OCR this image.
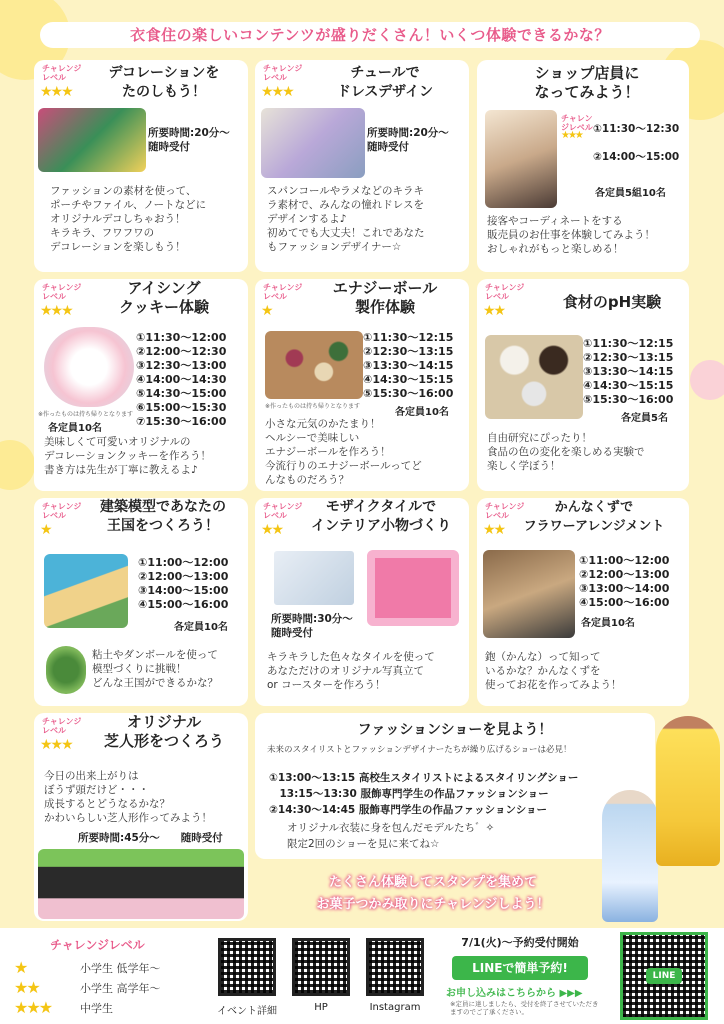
衣食住の楽しいコンテンツが盛りだくさん！いくつ体験できるかな？
チャレンジレベル
★★★
デコレーションを
たのしもう！
所要時間:20分～
随時受付
ファッションの素材を使って、
ポーチやファイル、ノートなどに
オリジナルデコしちゃおう！
キラキラ、フワフワの
デコレーションを楽しもう！
チャレンジレベル
★★★
チュールで
ドレスデザイン
所要時間:20分～
随時受付
スパンコールやラメなどのキラキ
ラ素材で、みんなの憧れドレスを
デザインするよ♪
初めてでも大丈夫！これであなた
もファッションデザイナー☆
ショップ店員に
なってみよう！
チャレンジレベル
★★★
①11:30～12:30

②14:00～15:00
各定員5組10名
接客やコーディネートをする
販売員のお仕事を体験してみよう！
おしゃれがもっと楽しめる！
チャレンジレベル
★★★
アイシング
クッキー体験
※作ったものは持ち帰りとなります
①11:30～12:00
②12:00～12:30
③12:30～13:00
④14:00～14:30
⑤14:30～15:00
⑥15:00～15:30
⑦15:30～16:00
各定員10名
美味しくて可愛いオリジナルの
デコレーションクッキーを作ろう！
書き方は先生が丁寧に教えるよ♪
チャレンジレベル
★
エナジーボール
製作体験
※作ったものは持ち帰りとなります
①11:30～12:15
②12:30～13:15
③13:30～14:15
④14:30～15:15
⑤15:30～16:00
各定員10名
小さな元気のかたまり！
ヘルシーで美味しい
エナジーボールを作ろう！
今流行りのエナジーボールってど
んなものだろう？
チャレンジレベル
★★	食材のpH実験
①11:30～12:15
②12:30～13:15
③13:30～14:15
④14:30～15:15
⑤15:30～16:00
各定員5名
自由研究にぴったり！
食品の色の変化を楽しめる実験で
楽しく学ぼう！
チャレンジレベル
★
建築模型であなたの
王国をつくろう！
①11:00～12:00
②12:00～13:00
③14:00～15:00
④15:00～16:00
各定員10名
粘土やダンボールを使って
模型づくりに挑戦！
どんな王国ができるかな？
チャレンジレベル
★★
モザイクタイルで
インテリア小物づくり
所要時間:30分～
随時受付
キラキラした色々なタイルを使って
あなただけのオリジナル写真立て
or コースターを作ろう！
チャレンジレベル
★★
かんなくずで
フラワーアレンジメント
①11:00～12:00
②12:00～13:00
③13:00～14:00
④15:00～16:00
各定員10名
鉋（かんな）って知って
いるかな？かんなくずを
使ってお花を作ってみよう！
チャレンジレベル
★★★
オリジナル
芝人形をつくろう
今日の出来上がりは
ぼうず頭だけど・・・
成長するとどうなるかな？
かわいらしい芝人形作ってみよう！
所要時間:45分～　　随時受付
ファッションショーを見よう！
未来のスタイリストとファッションデザイナーたちが繰り広げるショーは必見！
①13:00～13:15 高校生スタイリストによるスタイリングショー
　13:15～13:30 服飾専門学生の作品ファッションショー
②14:30～14:45 服飾専門学生の作品ファッションショー
オリジナル衣装に身を包んだモデルたち゛✧
限定2回のショーを見に来てね☆
たくさん体験してスタンプを集めて
お菓子つかみ取りにチャレンジしよう！
チャレンジレベル
★	小学生 低学年～
★★	小学生 高学年～
★★★	中学生	イベント詳細	HP	Instagram
7/1(火)～予約受付開始
LINEで簡単予約!
お申し込みはこちらから ▶▶▶
※定員に達しましたら、受付を終了させていただきますのでご了承ください。
LINE
